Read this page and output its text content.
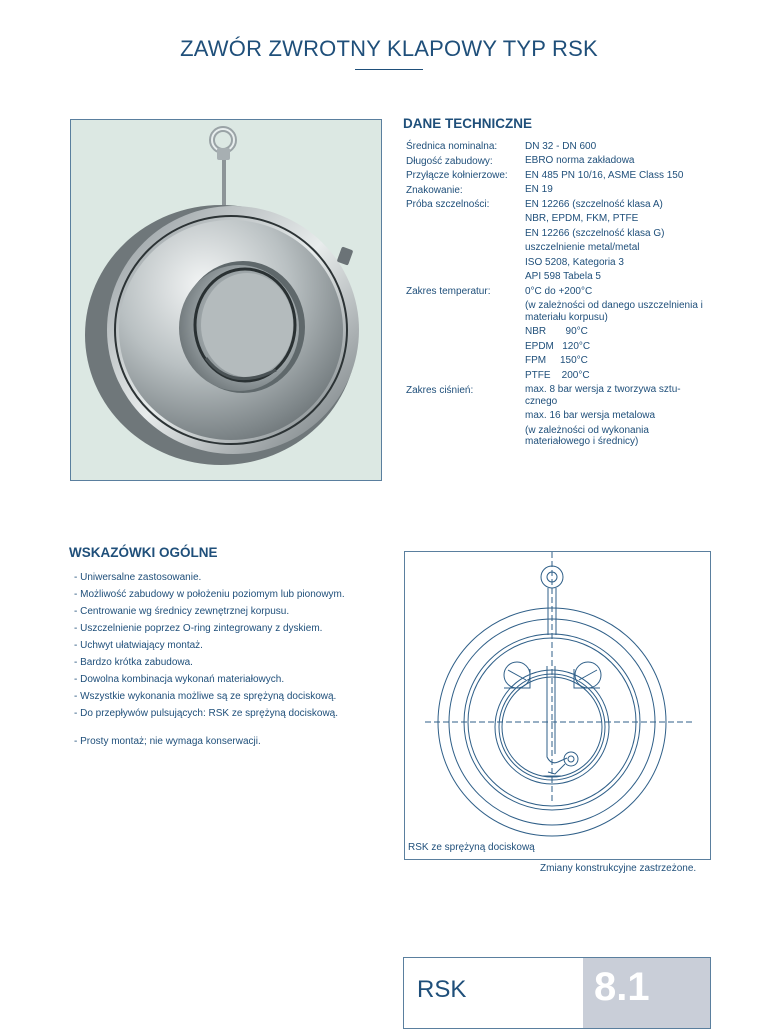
ZAWÓR ZWROTNY KLAPOWY TYP RSK
DANE TECHNICZNE
Średnica nominalna:	DN 32 - DN 600
Długość zabudowy:	EBRO norma zakładowa
Przyłącze kołnierzowe:	EN 485 PN 10/16, ASME Class 150
Znakowanie:	EN 19
Próba szczelności:	EN 12266 (szczelność klasa A)
NBR, EPDM, FKM, PTFE
EN 12266 (szczelność klasa G)
uszczelnienie metal/metal
ISO 5208, Kategoria 3
API 598 Tabela 5
Zakres temperatur:	0°C do +200°C
(w zależności od danego uszczelnienia i materiału korpusu)
NBR       90°C
EPDM   120°C
FPM     150°C
PTFE    200°C
Zakres ciśnień:	max. 8 bar wersja z tworzywa sztu-cznego
max. 16 bar wersja metalowa
(w zależności od wykonania materiałowego i średnicy)
WSKAZÓWKI OGÓLNE
- Uniwersalne zastosowanie.
- Możliwość zabudowy w położeniu poziomym lub pionowym.
- Centrowanie wg średnicy zewnętrznej korpusu.
- Uszczelnienie poprzez O-ring zintegrowany z dyskiem.
- Uchwyt ułatwiający montaż.
- Bardzo krótka zabudowa.
- Dowolna kombinacja wykonań materiałowych.
- Wszystkie wykonania możliwe są ze sprężyną dociskową.
- Do przepływów pulsujących: RSK ze sprężyną dociskową.
- Prosty montaż; nie wymaga konserwacji.
RSK ze sprężyną dociskową
Zmiany konstrukcyjne zastrzeżone.
RSK	8.1
